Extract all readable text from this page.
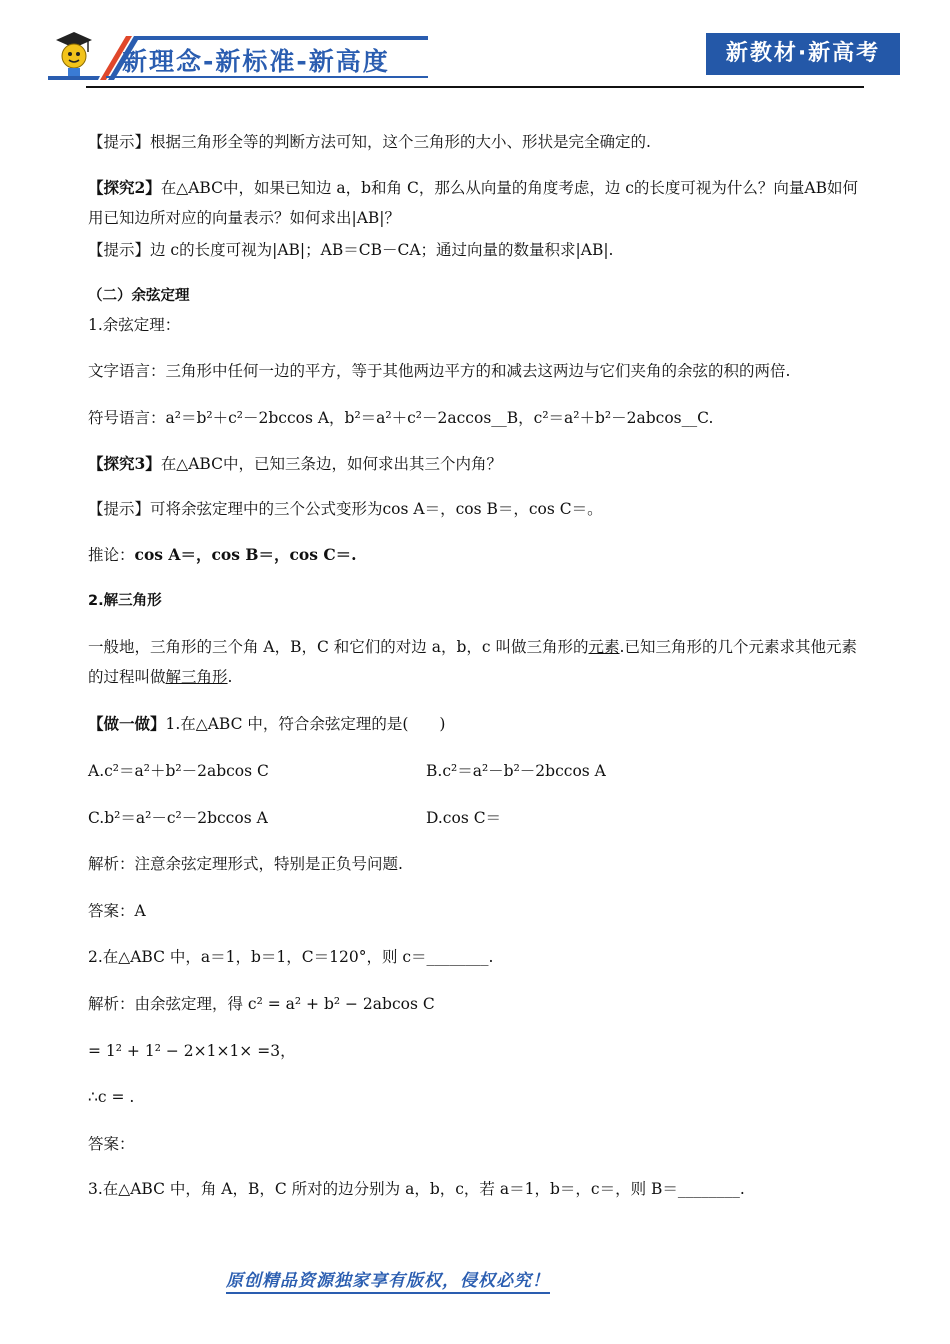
新理念-新标准-新高度	新教材·新高考
【提示】根据三角形全等的判断方法可知，这个三角形的大小、形状是完全确定的.
【探究2】在△ABC中，如果已知边 a，b和角 C，那么从向量的角度考虑，边 c的长度可视为什么？向量AB如何用已知边所对应的向量表示？如何求出|AB|？
【提示】边 c的长度可视为|AB|；AB＝CB－CA；通过向量的数量积求|AB|.
（二）余弦定理
1.余弦定理：
文字语言：三角形中任何一边的平方，等于其他两边平方的和减去这两边与它们夹角的余弦的积的两倍.
符号语言：a²＝b²＋c²－2bccos A，b²＝a²＋c²－2accos__B，c²＝a²＋b²－2abcos__C.
【探究3】在△ABC中，已知三条边，如何求出其三个内角？
【提示】可将余弦定理中的三个公式变形为cos A＝，cos B＝，cos C＝。
推论：cos A＝，cos B＝，cos C＝.
2.解三角形
一般地，三角形的三个角 A，B，C 和它们的对边 a，b，c 叫做三角形的元素.已知三角形的几个元素求其他元素的过程叫做解三角形.
【做一做】1.在△ABC 中，符合余弦定理的是(　　)
A.c²＝a²＋b²－2abcos C	B.c²＝a²－b²－2bccos A
C.b²＝a²－c²－2bccos A	D.cos C＝
解析：注意余弦定理形式，特别是正负号问题.
答案：A
2.在△ABC 中，a＝1，b＝1，C＝120°，则 c＝________.
解析：由余弦定理，得 c² = a² + b² − 2abcos C
= 1² + 1² − 2×1×1× =3，
∴c = .
答案：
3.在△ABC 中，角 A，B，C 所对的边分别为 a，b，c，若 a＝1，b＝，c＝，则 B＝________.
原创精品资源独家享有版权，侵权必究！
